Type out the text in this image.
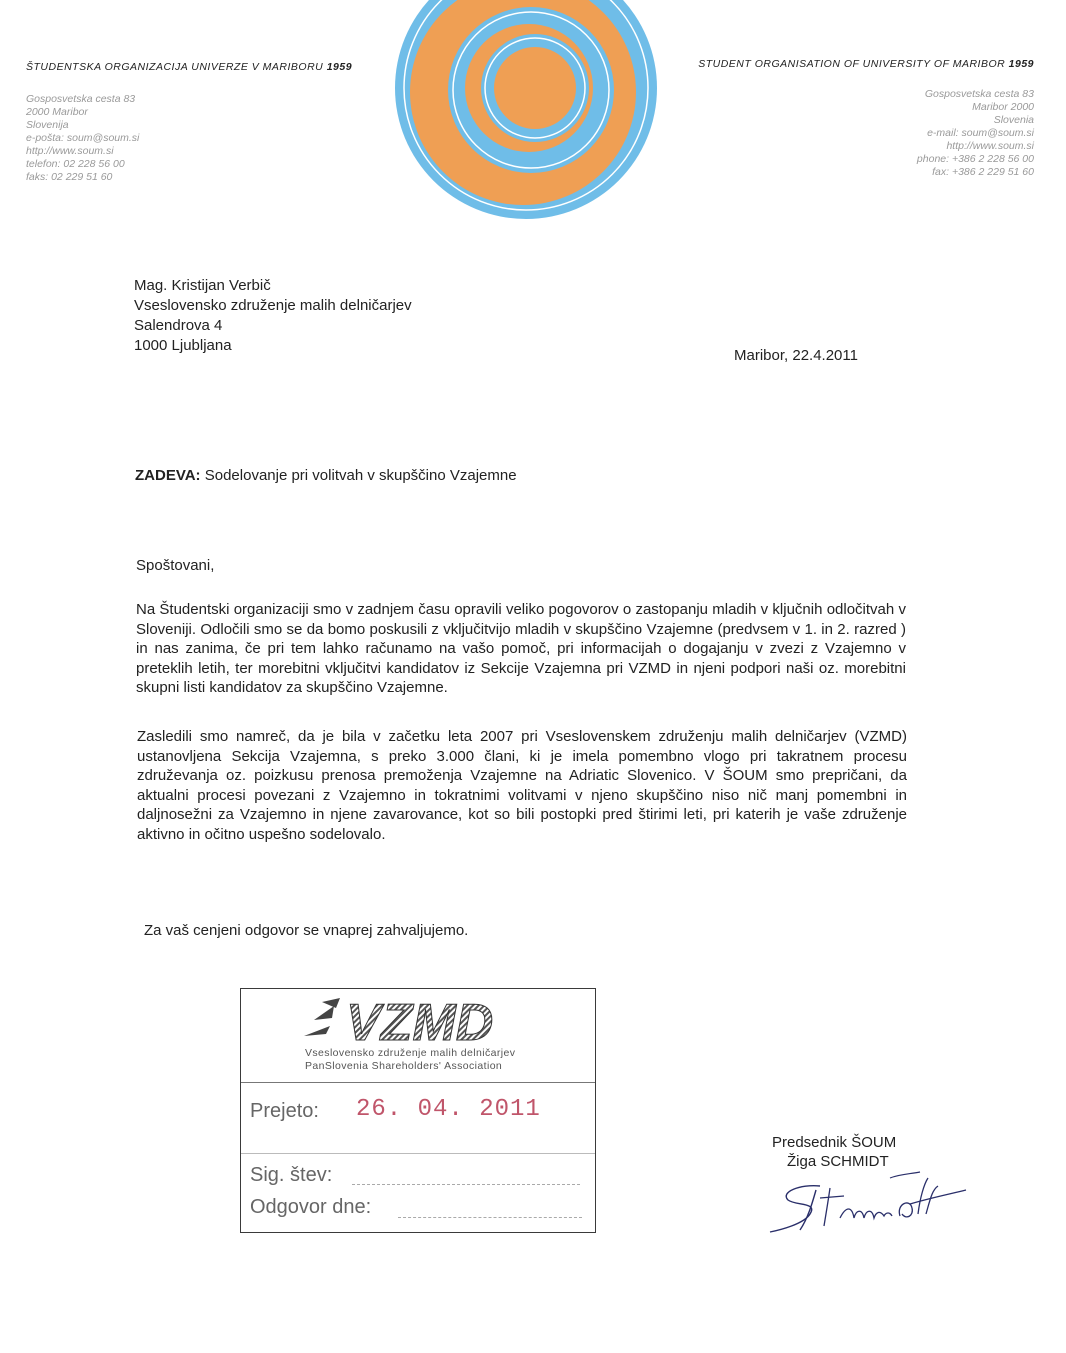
ŠTUDENTSKA ORGANIZACIJA UNIVERZE V MARIBORU 1959
Gosposvetska cesta 83
2000 Maribor
Slovenija
e-pošta: soum@soum.si
http://www.soum.si
telefon: 02 228 56 00
faks: 02 229 51 60
STUDENT ORGANISATION OF UNIVERSITY OF MARIBOR 1959
Gosposvetska cesta 83
Maribor 2000
Slovenia
e-mail: soum@soum.si
http://www.soum.si
phone: +386 2 228 56 00
fax: +386 2 229 51 60
Mag. Kristijan Verbič
Vseslovensko združenje malih delničarjev
Salendrova 4
1000 Ljubljana
Maribor, 22.4.2011
ZADEVA: Sodelovanje pri volitvah v skupščino Vzajemne
Spoštovani,
Na Študentski organizaciji smo v zadnjem času opravili veliko pogovorov o zastopanju mladih v ključnih odločitvah v Sloveniji. Odločili smo se da bomo poskusili z vključitvijo mladih v skupščino Vzajemne (predvsem v 1. in 2. razred ) in nas zanima, če pri tem lahko računamo na vašo pomoč, pri informacijah o dogajanju v zvezi z Vzajemno v preteklih letih, ter morebitni vključitvi kandidatov iz Sekcije Vzajemna pri VZMD in njeni podpori naši oz. morebitni skupni listi kandidatov za skupščino Vzajemne.
Zasledili smo namreč, da je bila v začetku leta 2007 pri Vseslovenskem združenju malih delničarjev (VZMD) ustanovljena Sekcija Vzajemna, s preko 3.000 člani, ki je imela pomembno vlogo pri takratnem procesu združevanja oz. poizkusu prenosa premoženja Vzajemne na Adriatic Slovenico. V ŠOUM smo prepričani, da aktualni procesi povezani z Vzajemno in tokratnimi volitvami v njeno skupščino niso nič manj pomembni in daljnosežni za Vzajemno in njene zavarovance, kot so bili postopki pred štirimi leti, pri katerih je vaše združenje aktivno in očitno uspešno sodelovalo.
Za vaš cenjeni odgovor se vnaprej zahvaljujemo.
VZMD
Vseslovensko združenje malih delničarjev
PanSlovenia Shareholders' Association
Prejeto: 26. 04. 2011
Sig. štev:
Odgovor dne:
Predsednik ŠOUM
Žiga SCHMIDT
